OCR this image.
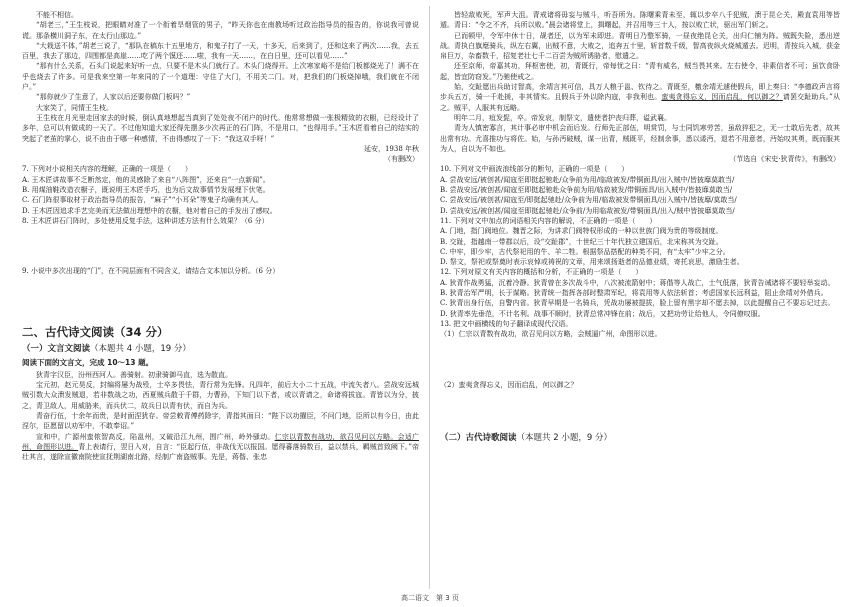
不能不相信。

“胡老三，”王生枝说，把眼睛对准了一个衔着旱烟管的男子，“昨天你也在南教场听过政治指导员的报告的，你说我可曾说谎。那条横川洞子东，在太行山那边。”

“大栽送不体，”胡老三说了，“那队在稿东十五里地方，和鬼子打了一天，十多天，后来到了，还和这来了两次……我，去五百里，我去了那边，四围都是高崖……吃了两个馍还……啦，我有一天……，在白日里，还可以看见……”

“那有什么关系，石头门说起来好听一点，只要不是木头门就行了。木头门烧得开。上次寒家峪不是给门板都烧光了！满不在乎也烧去了许多。可是我来空第一年来同的了一个道理：守住了大门，不用关二门。对，把我们的门板烧掉哦，我们就在不闭户。”

“那你就少了生意了，人家以后还要你做门板吗？”

大家笑了，同情王生枝。

王生枝在月光里走回家去的时候，倒认真地想起当真到了处处夜不闭户的时代。他常常想做一张极精致的衣橱，已经设计了多年，总可以有做成的一天了。不过他知道大家还得先摆多少次再正的石门阵，不是用口，“也得用手。”王木匠看着自己的结实的突起了老茧的掌心，说不由由于哪一种感情，不由得感叹了一下：“我这双手呀！”

延安，1938 年秋
（有删改）
7. 下列对小说相关内容的理解，正确的一项是（　　）
A. 王木匠讲故事不乏断然定，他的灵感除了来自“八阵图”，还来自“一点新闻”。
B. 用煤油鞋改造衣橱子，既说明王木匠手巧，也为后文故事情节发展埋下伏笔。
C. 石门阵很事取材于政治指导员的报告，“麻子”“小耳朵”等鬼子均确有其人。
D. 王木匠因追求手艺完美而无法做出理想中的衣橱，他对着自己的手发出了感叹。
8. 王木匠讲石门阵时，多处使用反复手法，这种讲述方法有什么效果？（6 分）
9. 小说中多次出现的“门”，在不同层面有不同含义，请结合文本加以分析。（6 分）
二、古代诗文阅读（34 分）
（一）文言文阅读（本题共 4 小题，19 分）
阅读下面的文言文，完成 10～13 题。

狄青字汉臣，汾州西河人。善骑射。初隶骑御马直，选为散直。

宝元初，赵元昊反，封编将屡为战殁，士卒多畏怯，青行常为先锋。凡四年，前后大小二十五战，中流矢者八。尝战安远城贼引数大众溃发贼退，若非数战之功，西夏贼兵散于千群，力曹孙，下知门以下者，或以青请之，命诸将拔寇。青皆以为分，披之，青卫敌人，用威胁来，而兵伏二，故兵日以青有伏，而自为兵。

青奋行伍，十余年而贵，是时面涅犹存。帝尝敕青傅药除字，青指其面曰：“陛下以功擢臣，不问门地，臣所以有今日，由此涅尔，臣愿留以劝军中，不敢奉诏。”

宣和中，广源州蛮侬智高反，陷邕州，又破沿江九州，围广州，岭外骚动。仁宗以青数有战功，欲召见问以方略。会适广州，命图形以进。青上表请行，翌日入对，自言：“臣起行伍，非战伐无以报国。愿得蕃落骑数百，益以禁兵，羁贼首致阙下。”帝壮其言，遂除宣徽南院使宣抚荆湖南北路，经制广南盗贼事。先是，蒋偕、张忠

皆轻敌败死，军声大沮。青戒诸将毋妄与贼斗，听吾所为。陈曙乘青未至，辄以步卒八千犯贼，溃于昆仑关，殿直袁用等皆遁。青曰：“令之不齐，兵所以败。”晨会诸将堂上，揖曙起，并召用等三十人，按以败亡状，驱出军门斩之。

已而顿甲，令军中休十日，觇者还，以为军未即进。青明日乃整军骑，一昼夜绝昆仑关，出归仁铺为阵。贼既失险，悉出逆战。青执白旗麾骑兵，纵左右翼，出贼不意，大败之，追奔五十里，斩首数千级，智高夜纵火烧城遁去。迟明，青按兵入城，获金帛巨万，杂畜数千，招复老壮七千二百尝为贼所诱胁者，慰遣之。

还至京师，帝嘉其功，拜枢密使，初，青既行，帝每忧之曰：“青有威名，贼当畏其来。左右使令，非素信者不可；虽饮食卧起，皆宜防窃发。”乃驰使戒之。

始，交趾愿出兵助讨智高，余靖言其可信，具万人粮于邕、钦待之。青既至，檄余靖无遽使假兵，即上奏曰：“李德政声言将步兵五万，骑一千赴援，非其情实。且假兵于外以除内寇，非我利也。蛮夷贪得忘义，因而启乱，何以御之？请罢交趾助兵。”从之。贼平，人服其有远略。

明年二月，疽发髭，卒。帝发哀，制祭文，遣使者护丧归葬，谥武襄。

青为人慎密寡言，其计事必审中机会而后发。行师先正部伍，明赏罚，与士同饥寒劳苦，虽敌猝犯之，无一士敢后先者，故其出常有功。尤喜推功与将佐。始，与孙沔破贼，谋一出青，贼既平，经制余事，悉以诿沔，退若不用意者，沔始叹其勇，既而服其为人，自以为不如也。

（节选自《宋史·狄青传》，有删改）
10. 下列对文中画波浪线部分的断句，正确的一项是（　　）
A. 尝战安远/被创甚/闻寇至即挺起驰赴/众争前为用/临敌被发/带铜面具/出入贼中/皆披靡莫敢当/
B. 尝战安远/被创甚/闻寇至即挺起驰赴众争前为用/临敌被发/带铜面具/出入贼中/皆披靡莫敢当/
C. 尝战安远/被创甚/闻寇至/即挺起驰赴/众争前为用/临敌被发带铜面具/出入贼中/皆披靡/莫敢当/
D. 尝战安远/被创甚/闻寇至即挺起驰赴/众争前/为用临敌被发/带铜面具/出入/贼中皆披靡莫敢当/
11. 下列对文中加点的词语相关内容的解说，不正确的一项是（　　）
A. 门地，指门阀地位。魏晋之际，为讲求门阀特权形成的一种以世族门阀为贵的等级制度。
B. 交趾，指越南一带郡以后，设“交趾郡”，十世纪三十年代独立建国后，北宋称其为交趾。
C. 中牢，即少牢，古代祭祀用的牛、羊二牲。根据祭品搭配的种类不同，有“太牢”少牢之分。
D. 祭文，祭祀或祭奠时表示哀悼或祷祝的文章，用来颂扬逝者的品德业绩，寄托哀思，激励生者。
12. 下列对原文有关内容的概括和分析，不正确的一项是（　　）
A. 狄青作战勇猛，沉着冷静。狄青曾在多次战斗中，八次被流箭射中；蒋偕等人战亡，士气低落，狄青告诫诸将不要轻举妄动。
B. 狄青治军严明，长于谋略。狄青统一指挥各部时整肃军纪，将袁用等人依法斩首；考虑国家长远利益，阻止余靖对外借兵。
C. 狄青出身行伍，自警内省。狄青早期是一名骑兵，凭战功屡被提拔，脸上留有黑字却不愿去掉，以此提醒自己不要忘记过去。
D. 狄青率先垂范，不计名利。战事不顺时，狄青总常冲锋在前；战后，又把功劳让给他人，令同僚叹服。
13. 把文中画横线的句子翻译成现代汉语。
（1）仁宗以青数有战功，欲召见问以方略，会贼逼广州，命图形以进。
（2）蛮夷贪得忘义，因而启乱，何以御之？
（二）古代诗歌阅读（本题共 2 小题，9 分）
高二语文　第 3 页
